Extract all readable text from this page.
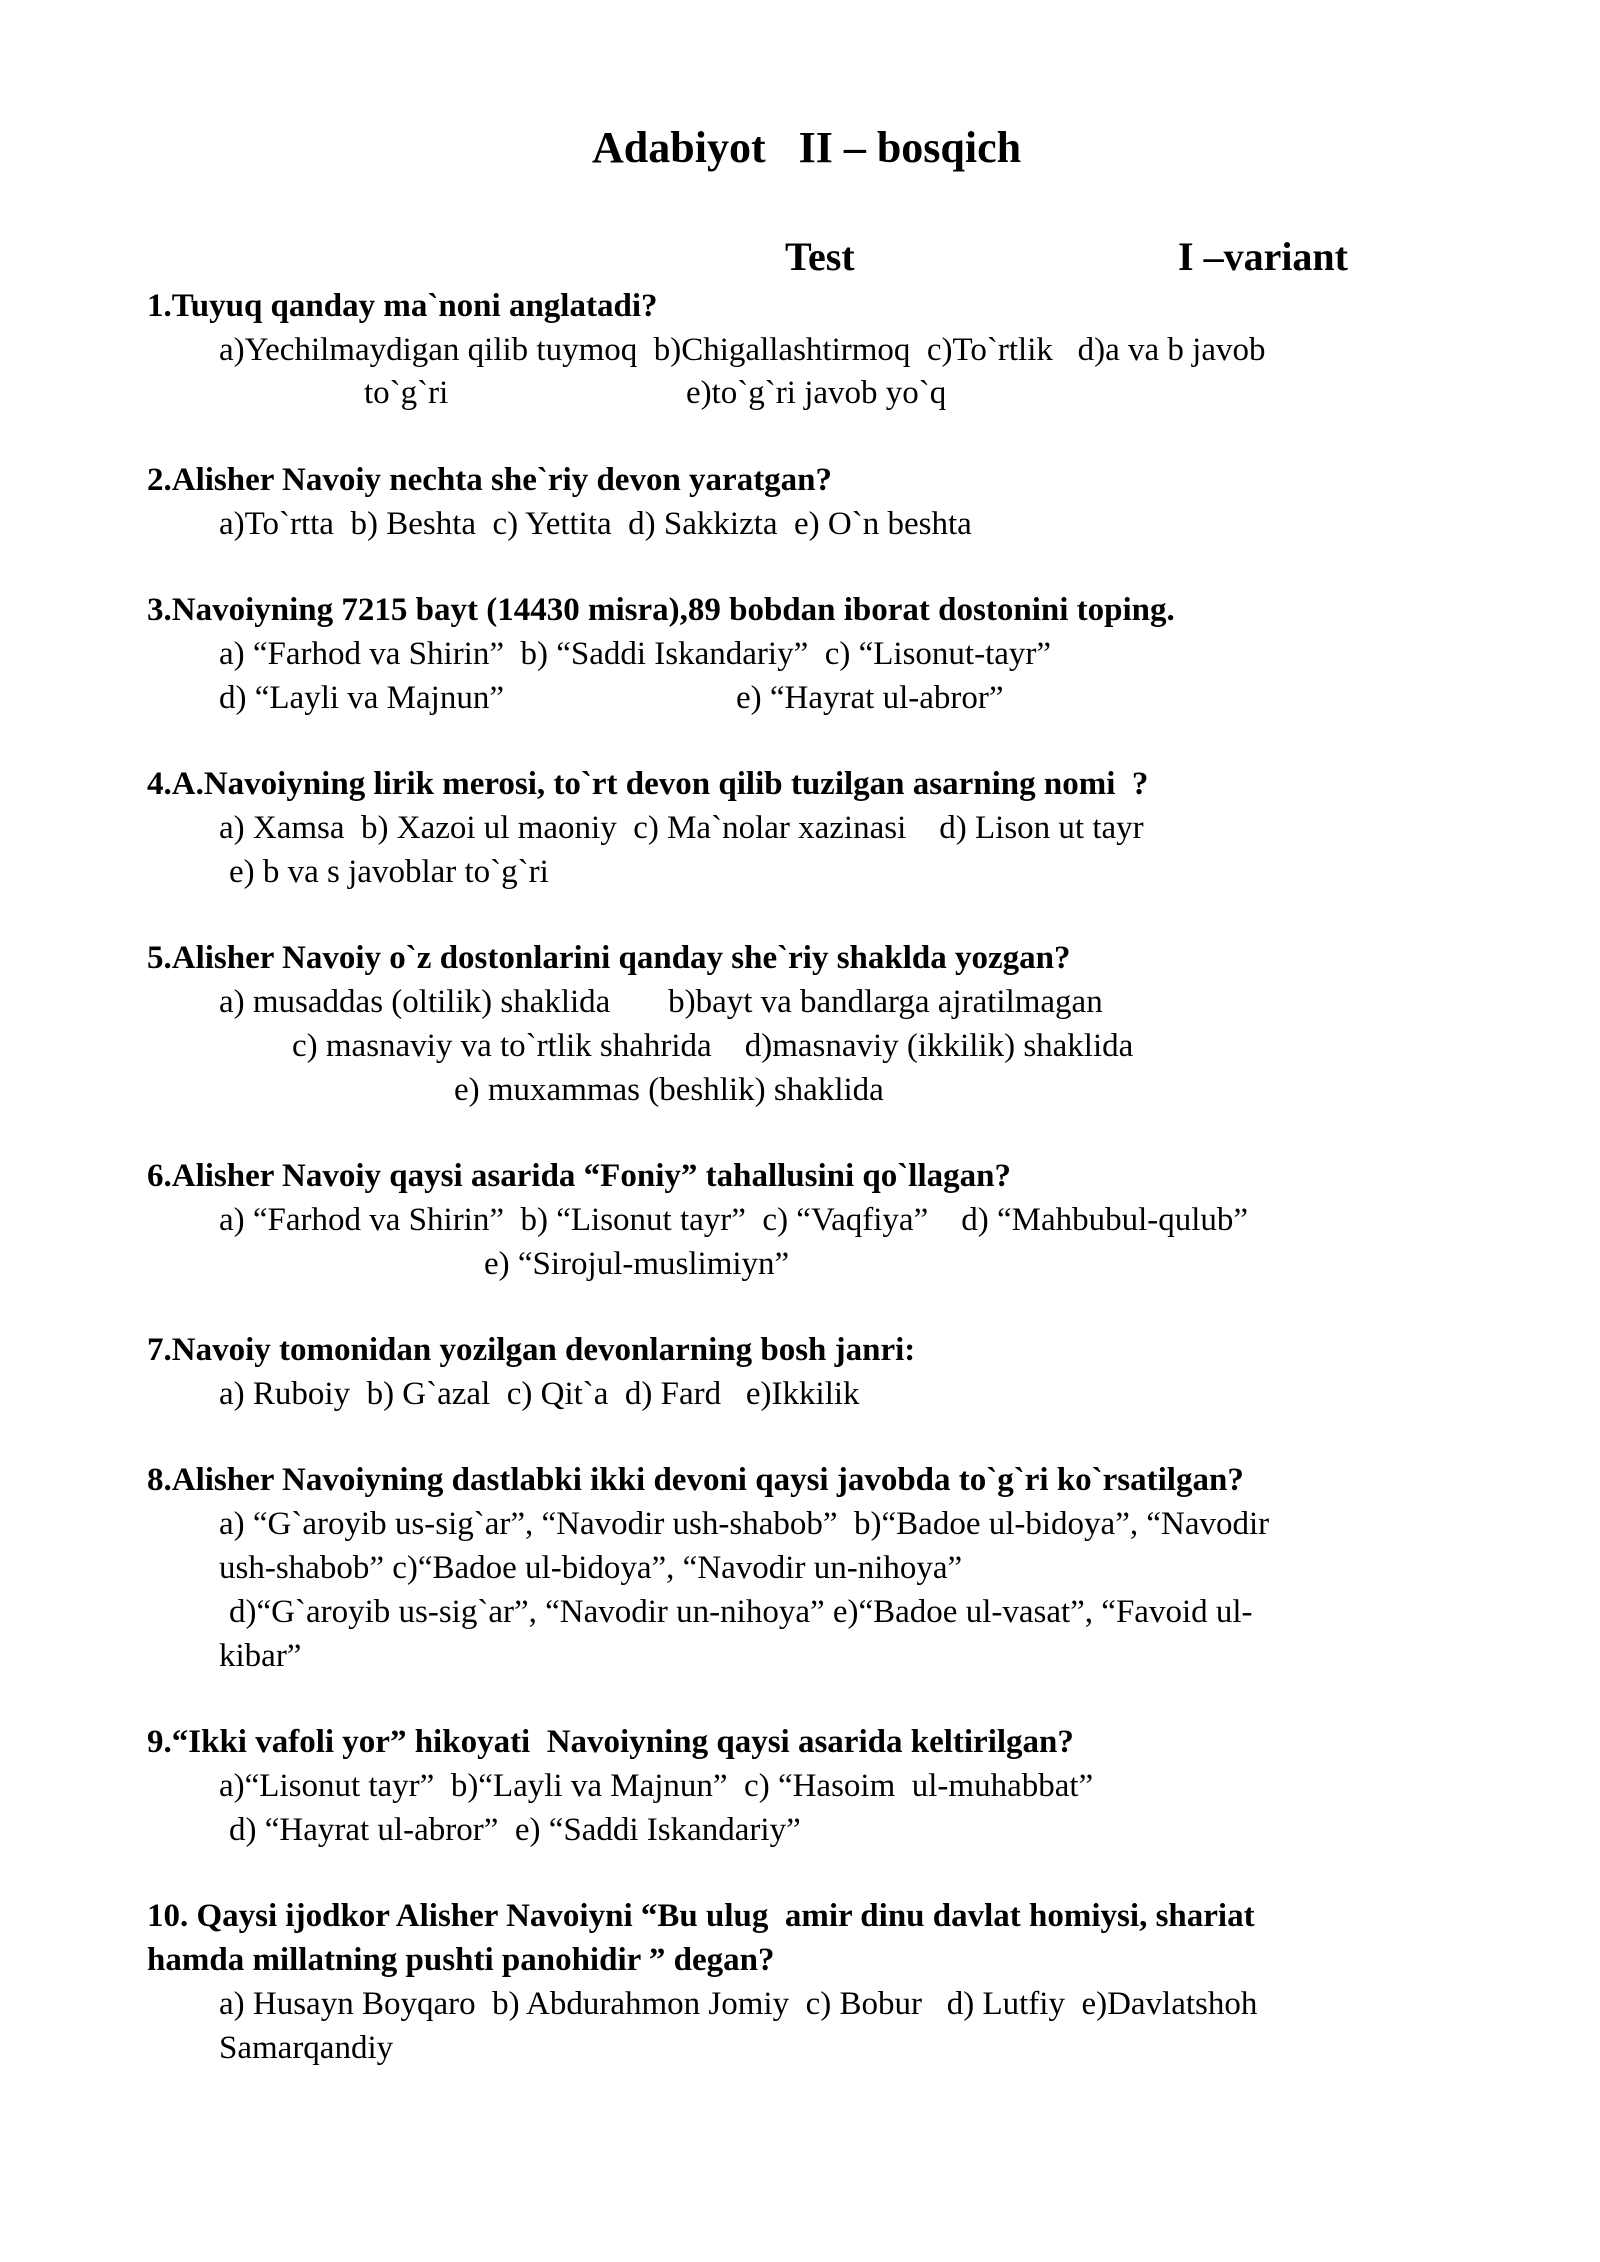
Adabiyot   II – bosqich
Test	I –variant
1.Tuyuq qanday ma`noni anglatadi?
a)Yechilmaydigan qilib tuymoq  b)Chigallashtirmoq  c)To`rtlik   d)a va b javob
to`g`ri	e)to`g`ri javob yo`q
2.Alisher Navoiy nechta she`riy devon yaratgan?
a)To`rtta  b) Beshta  c) Yettita  d) Sakkizta  e) O`n beshta
3.Navoiyning 7215 bayt (14430 misra),89 bobdan iborat dostonini toping.
a) “Farhod va Shirin”  b) “Saddi Iskandariy”  c) “Lisonut-tayr”
d) “Layli va Majnun”	e) “Hayrat ul-abror”
4.A.Navoiyning lirik merosi, to`rt devon qilib tuzilgan asarning nomi  ?
a) Xamsa  b) Xazoi ul maoniy  c) Ma`nolar xazinasi    d) Lison ut tayr
e) b va s javoblar to`g`ri
5.Alisher Navoiy o`z dostonlarini qanday she`riy shaklda yozgan?
a) musaddas (oltilik) shaklida       b)bayt va bandlarga ajratilmagan
c) masnaviy va to`rtlik shahrida    d)masnaviy (ikkilik) shaklida
e) muxammas (beshlik) shaklida
6.Alisher Navoiy qaysi asarida “Foniy” tahallusini qo`llagan?
a) “Farhod va Shirin”  b) “Lisonut tayr”  c) “Vaqfiya”    d) “Mahbubul-qulub”
e) “Sirojul-muslimiyn”
7.Navoiy tomonidan yozilgan devonlarning bosh janri:
a) Ruboiy  b) G`azal  c) Qit`a  d) Fard   e)Ikkilik
8.Alisher Navoiyning dastlabki ikki devoni qaysi javobda to`g`ri ko`rsatilgan?
a) “G`aroyib us-sig`ar”, “Navodir ush-shabob”  b)“Badoe ul-bidoya”, “Navodir
ush-shabob” c)“Badoe ul-bidoya”, “Navodir un-nihoya”
d)“G`aroyib us-sig`ar”, “Navodir un-nihoya” e)“Badoe ul-vasat”, “Favoid ul-
kibar”
9.“Ikki vafoli yor” hikoyati  Navoiyning qaysi asarida keltirilgan?
a)“Lisonut tayr”  b)“Layli va Majnun”  c) “Hasoim  ul-muhabbat”
d) “Hayrat ul-abror”  e) “Saddi Iskandariy”
10. Qaysi ijodkor Alisher Navoiyni “Bu ulug  amir dinu davlat homiysi, shariat
hamda millatning pushti panohidir ” degan?
a) Husayn Boyqaro  b) Abdurahmon Jomiy  c) Bobur   d) Lutfiy  e)Davlatshoh
Samarqandiy
